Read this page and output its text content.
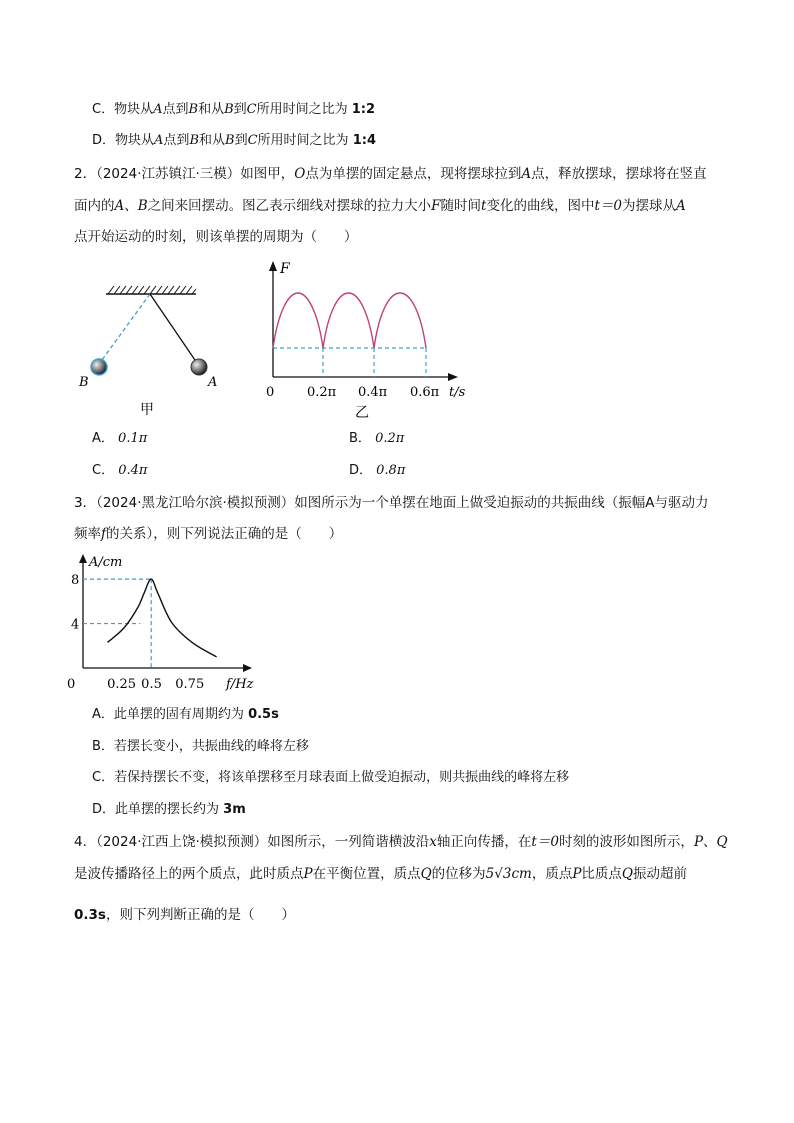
C．物块从A点到B和从B到C所用时间之比为 1:2
D．物块从A点到B和从B到C所用时间之比为 1:4
2．（2024·江苏镇江·三模）如图甲，O点为单摆的固定悬点，现将摆球拉到A点，释放摆球，摆球将在竖直
面内的A、B之间来回摆动。图乙表示细线对摆球的拉力大小F随时间t变化的曲线，图中t＝0为摆球从A
点开始运动的时刻，则该单摆的周期为（　　）
B	A
甲
F
0	0.2π 0.4π 0.6π t/s
乙
A． 0.1π	B． 0.2π
C． 0.4π	D． 0.8π
3．（2024·黑龙江哈尔滨·模拟预测）如图所示为一个单摆在地面上做受迫振动的共振曲线（振幅A与驱动力
频率f的关系），则下列说法正确的是（　　）
A/cm
f/Hz
0 0.25 0.5 0.75
4
8
A．此单摆的固有周期约为 0.5s
B．若摆长变小，共振曲线的峰将左移
C．若保持摆长不变，将该单摆移至月球表面上做受迫振动，则共振曲线的峰将左移
D．此单摆的摆长约为 3m
4．（2024·江西上饶·模拟预测）如图所示，一列简谐横波沿x轴正向传播，在t＝0时刻的波形如图所示，P、Q
是波传播路径上的两个质点，此时质点P在平衡位置，质点Q的位移为5√3cm，质点P比质点Q振动超前
0.3s，则下列判断正确的是（　　）
